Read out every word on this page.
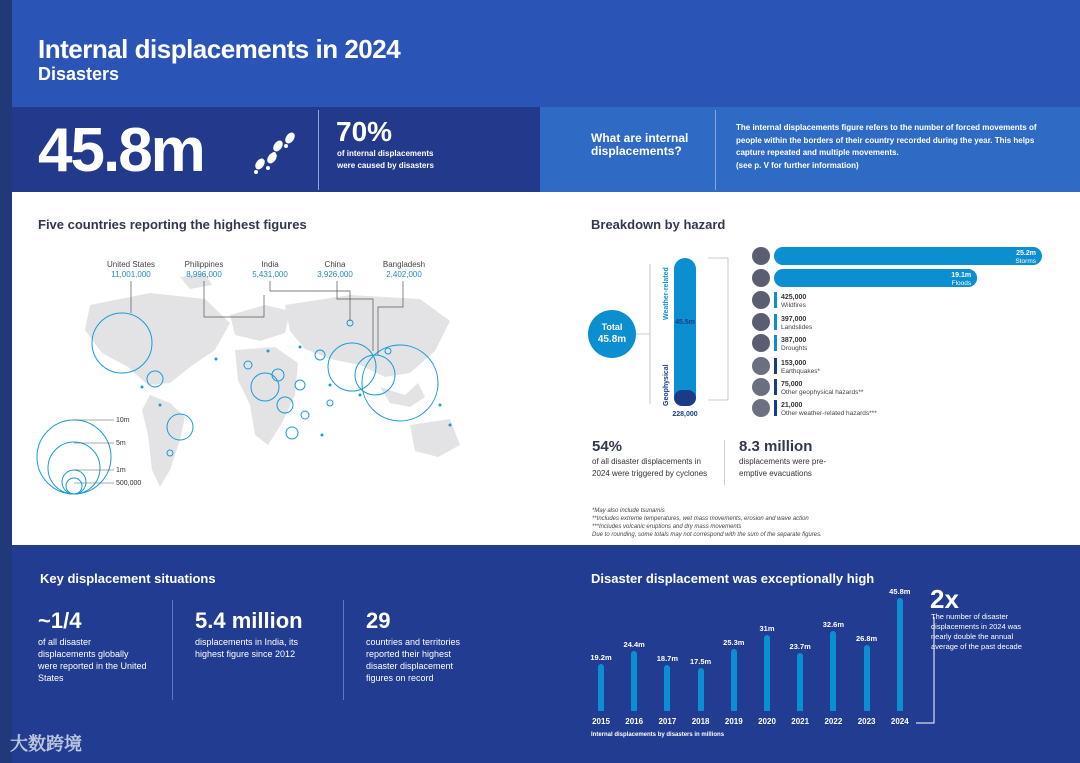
Internal displacements in 2024
Disasters
45.8m	70%
of internal displacements were caused by disasters
What are internal displacements?
The internal displacements figure refers to the number of forced movements of people within the borders of their country recorded during the year. This helps capture repeated and multiple movements.
(see p. V for further information)
Five countries reporting the highest figures
United States
11,001,000
Philippines
8,996,000
India
5,431,000
China
3,926,000
Bangladesh
2,402,000
10m
5m
1m
500,000
Breakdown by hazard
Total
45.8m
45.5m
228,000
Weather-related
Geophysical
25.2m
Storms
19.1m
Floods
425,000
Wildfires
397,000
Landslides
387,000
Droughts
153,000
Earthquakes*
75,000
Other geophysical hazards**
21,000
Other weather-related hazards***
54%
of all disaster displacements in 2024 were triggered by cyclones
8.3 million
displacements were pre-emptive evacuations
*May also include tsunamis
**Includes extreme temperatures, wet mass movements, erosion and wave action
***Includes volcanic eruptions and dry mass movements
Due to rounding, some totals may not correspond with the sum of the separate figures.
Key displacement situations
~1/4
of all disaster displacements globally were reported in the United States
5.4 million
displacements in India, its highest figure since 2012
29
countries and territories reported their highest disaster displacement figures on record
Disaster displacement was exceptionally high
19.2m
2015
24.4m
2016
18.7m
2017
17.5m
2018
25.3m
2019
31m
2020
23.7m
2021
32.6m
2022
26.8m
2023
45.8m
2024
Internal displacements by disasters in millions
2x
The number of disaster displacements in 2024 was nearly double the annual average of the past decade
大数跨境
